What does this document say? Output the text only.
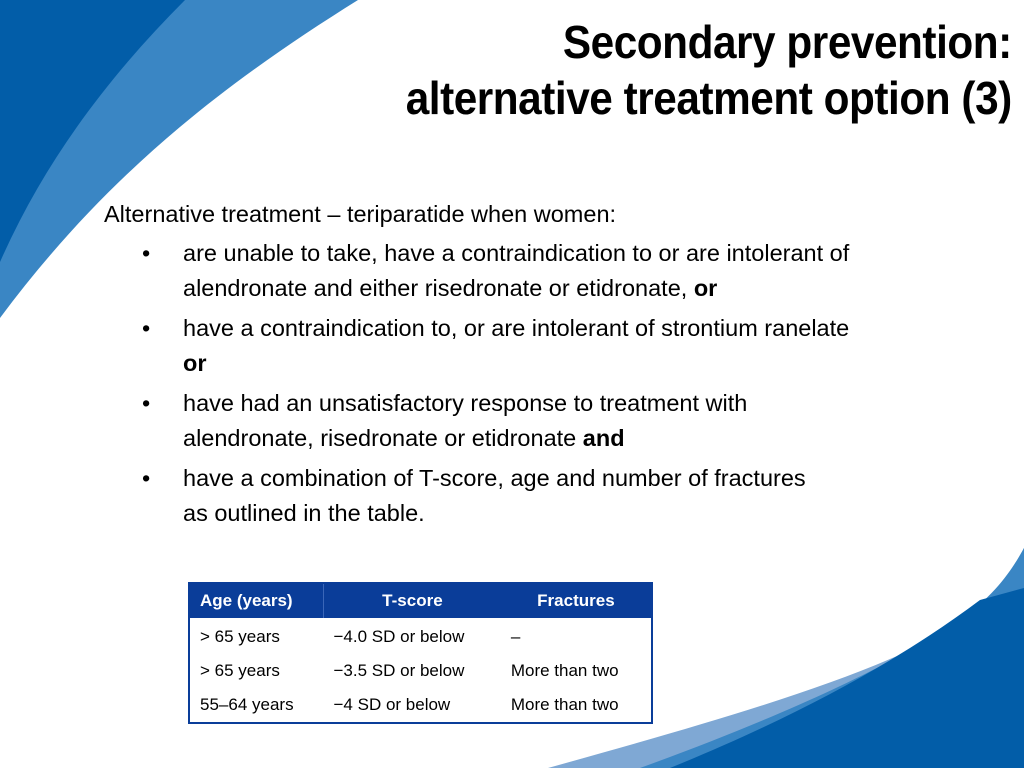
Secondary prevention:
alternative treatment option (3)

Alternative treatment – teriparatide when women:

• are unable to take, have a contraindication to or are intolerant of
alendronate and either risedronate or etidronate, or
• have a contraindication to, or are intolerant of strontium ranelate
or
• have had an unsatisfactory response to treatment with
alendronate, risedronate or etidronate and
• have a combination of T-score, age and number of fractures
as outlined in the table.
Age (years)	T-score	Fractures
> 65 years	−4.0 SD or below	–
> 65 years	−3.5 SD or below	More than two
55–64 years	−4 SD or below	More than two
